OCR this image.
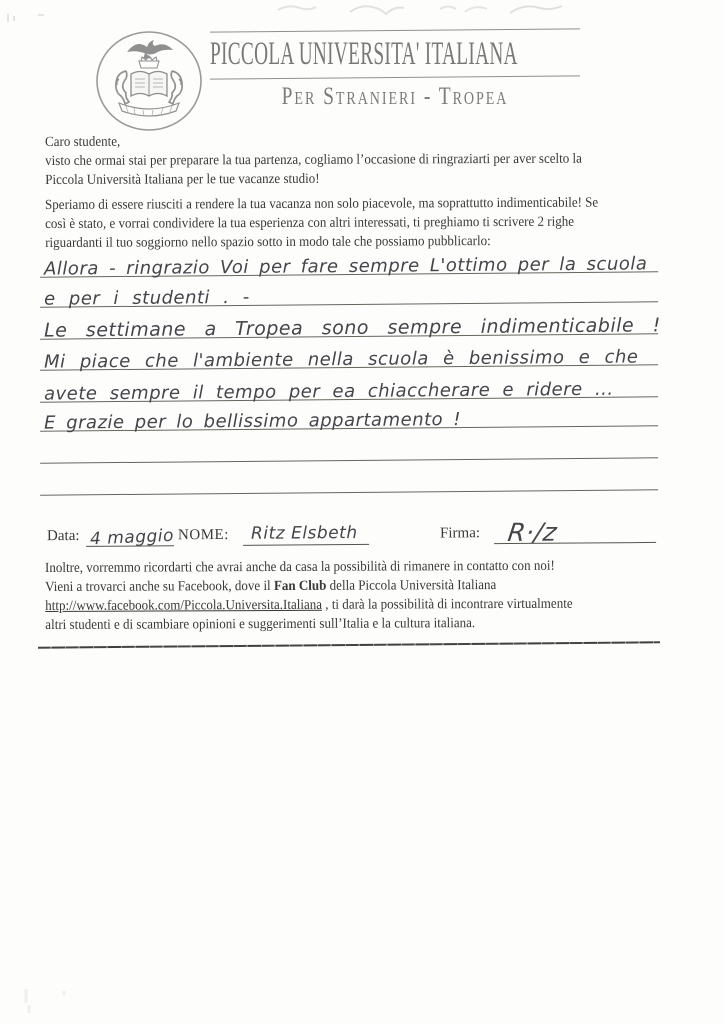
PICCOLA UNIVERSITA' ITALIANA
Per Stranieri - Tropea
Caro studente,
visto che ormai stai per preparare la tua partenza, cogliamo l’occasione di ringraziarti per aver scelto la
Piccola Università Italiana per le tue vacanze studio!
Speriamo di essere riusciti a rendere la tua vacanza non solo piacevole, ma soprattutto indimenticabile! Se
così è stato, e vorrai condividere la tua esperienza con altri interessati, ti preghiamo ti scrivere 2 righe
riguardanti il tuo soggiorno nello spazio sotto in modo tale che possiamo pubblicarlo:
Allora - ringrazio Voi per fare sempre L'ottimo per la scuola
e per i studenti . -
Le settimane a Tropea sono sempre indimenticabile !
Mi piace che l'ambiente nella scuola è benissimo e che
avete sempre il tempo per ea chiaccherare e ridere ...
E grazie per lo bellissimo appartamento !
Data: 4 maggio NOME: Ritz Elsbeth	Firma: R·/z
Inoltre, vorremmo ricordarti che avrai anche da casa la possibilità di rimanere in contatto con noi!
Vieni a trovarci anche su Facebook, dove il Fan Club della Piccola Università Italiana
http://www.facebook.com/Piccola.Universita.Italiana , ti darà la possibilità di incontrare virtualmente
altri studenti e di scambiare opinioni e suggerimenti sull’Italia e la cultura italiana.
